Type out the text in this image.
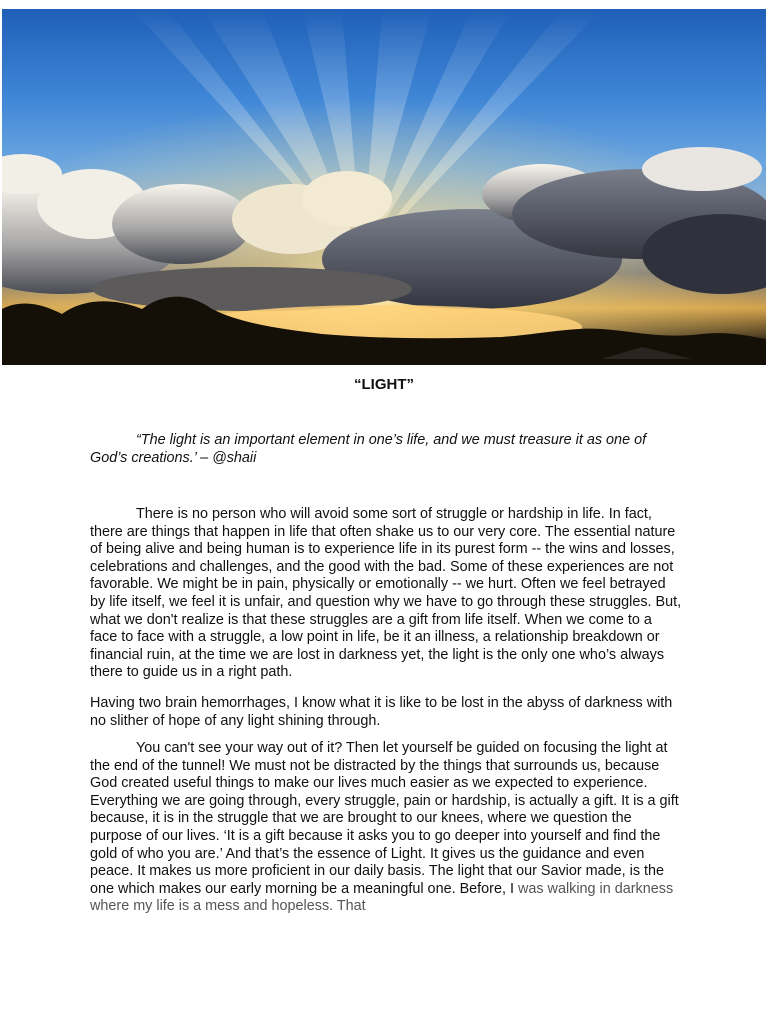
“LIGHT”

“The light is an important element in one’s life, and we must treasure it as one of God’s creations.’ – @shaii

There is no person who will avoid some sort of struggle or hardship in life. In fact, there are things that happen in life that often shake us to our very core. The essential nature of being alive and being human is to experience life in its purest form -- the wins and losses, celebrations and challenges, and the good with the bad. Some of these experiences are not favorable. We might be in pain, physically or emotionally -- we hurt. Often we feel betrayed by life itself, we feel it is unfair, and question why we have to go through these struggles. But, what we don't realize is that these struggles are a gift from life itself. When we come to a face to face with a struggle, a low point in life, be it an illness, a relationship breakdown or financial ruin, at the time we are lost in darkness yet, the light is the only one who’s always there to guide us in a right path.

Having two brain hemorrhages, I know what it is like to be lost in the abyss of darkness with no slither of hope of any light shining through.

You can't see your way out of it? Then let yourself be guided on focusing the light at the end of the tunnel! We must not be distracted by the things that surrounds us, because God created useful things to make our lives much easier as we expected to experience. Everything we are going through, every struggle, pain or hardship, is actually a gift. It is a gift because, it is in the struggle that we are brought to our knees, where we question the purpose of our lives. ‘It is a gift because it asks you to go deeper into yourself and find the gold of who you are.’ And that’s the essence of Light. It gives us the guidance and even peace. It makes us more proficient in our daily basis. The light that our Savior made, is the one which makes our early morning be a meaningful one. Before, I was walking in darkness where my life is a mess and hopeless. That
